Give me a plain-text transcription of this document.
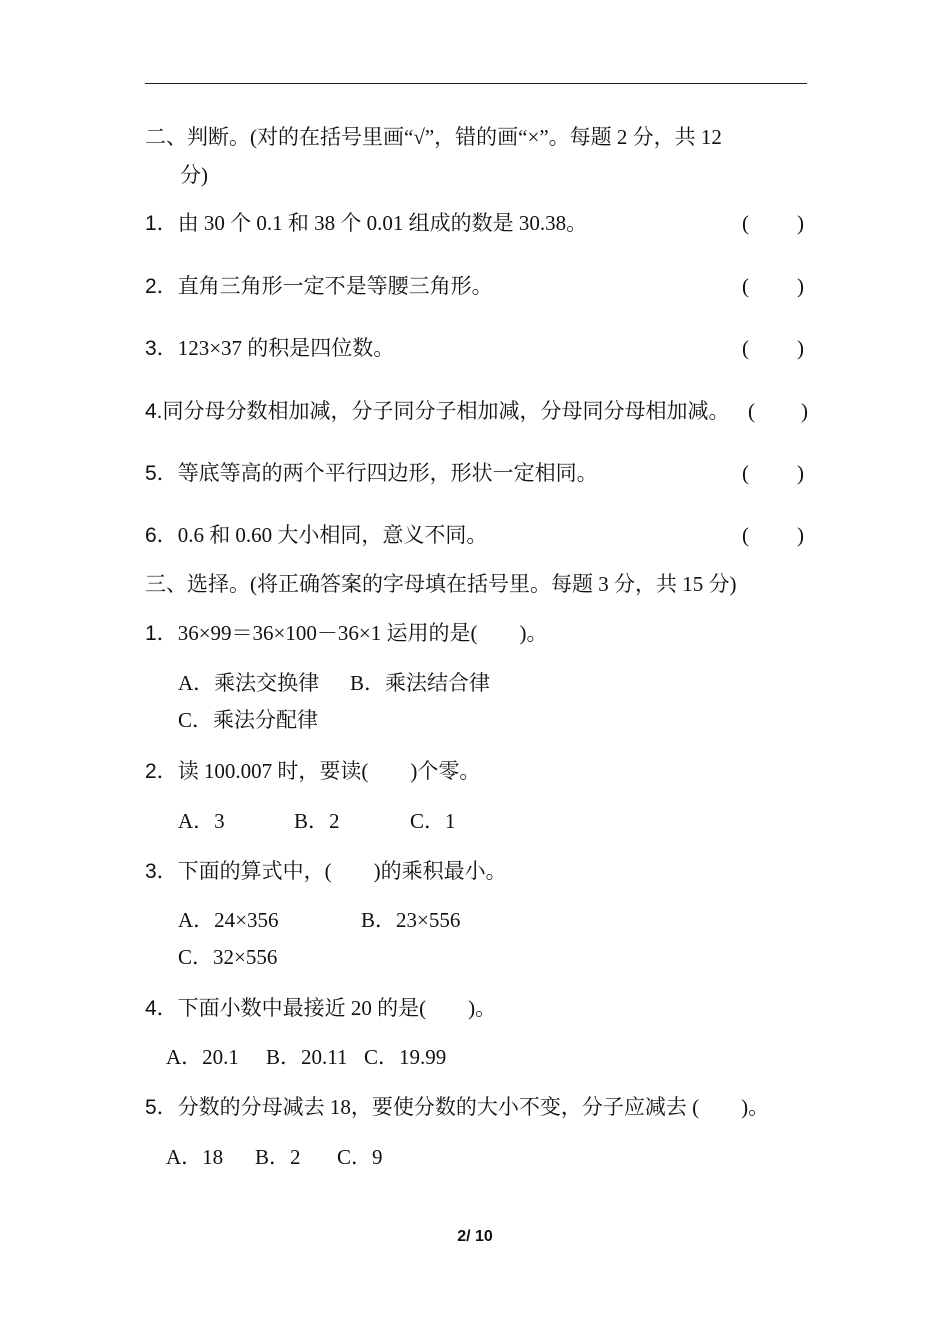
二、判断。(对的在括号里画“√”，错的画“×”。每题 2 分，共 12
分)
1．由 30 个 0.1 和 38 个 0.01 组成的数是 30.38。	( )
2．直角三角形一定不是等腰三角形。	( )
3．123×37 的积是四位数。	( )
4.同分母分数相加减，分子同分子相加减，分母同分母相加减。 ( )
5．等底等高的两个平行四边形，形状一定相同。	( )
6．0.6 和 0.60 大小相同，意义不同。	( )
三、选择。(将正确答案的字母填在括号里。每题 3 分，共 15 分)
1．36×99＝36×100－36×1 运用的是(　　)。
A．乘法交换律 B．乘法结合律
C．乘法分配律
2．读 100.007 时，要读(　　)个零。
A．3	B．2	C．1
3．下面的算式中，(　　)的乘积最小。
A．24×356	B．23×556
C．32×556
4．下面小数中最接近 20 的是(　　)。
A．20.1 B．20.11 C．19.99
5．分数的分母减去 18，要使分数的大小不变，分子应减去 (　　)。
A．18 B．2 C．9
2/ 10
